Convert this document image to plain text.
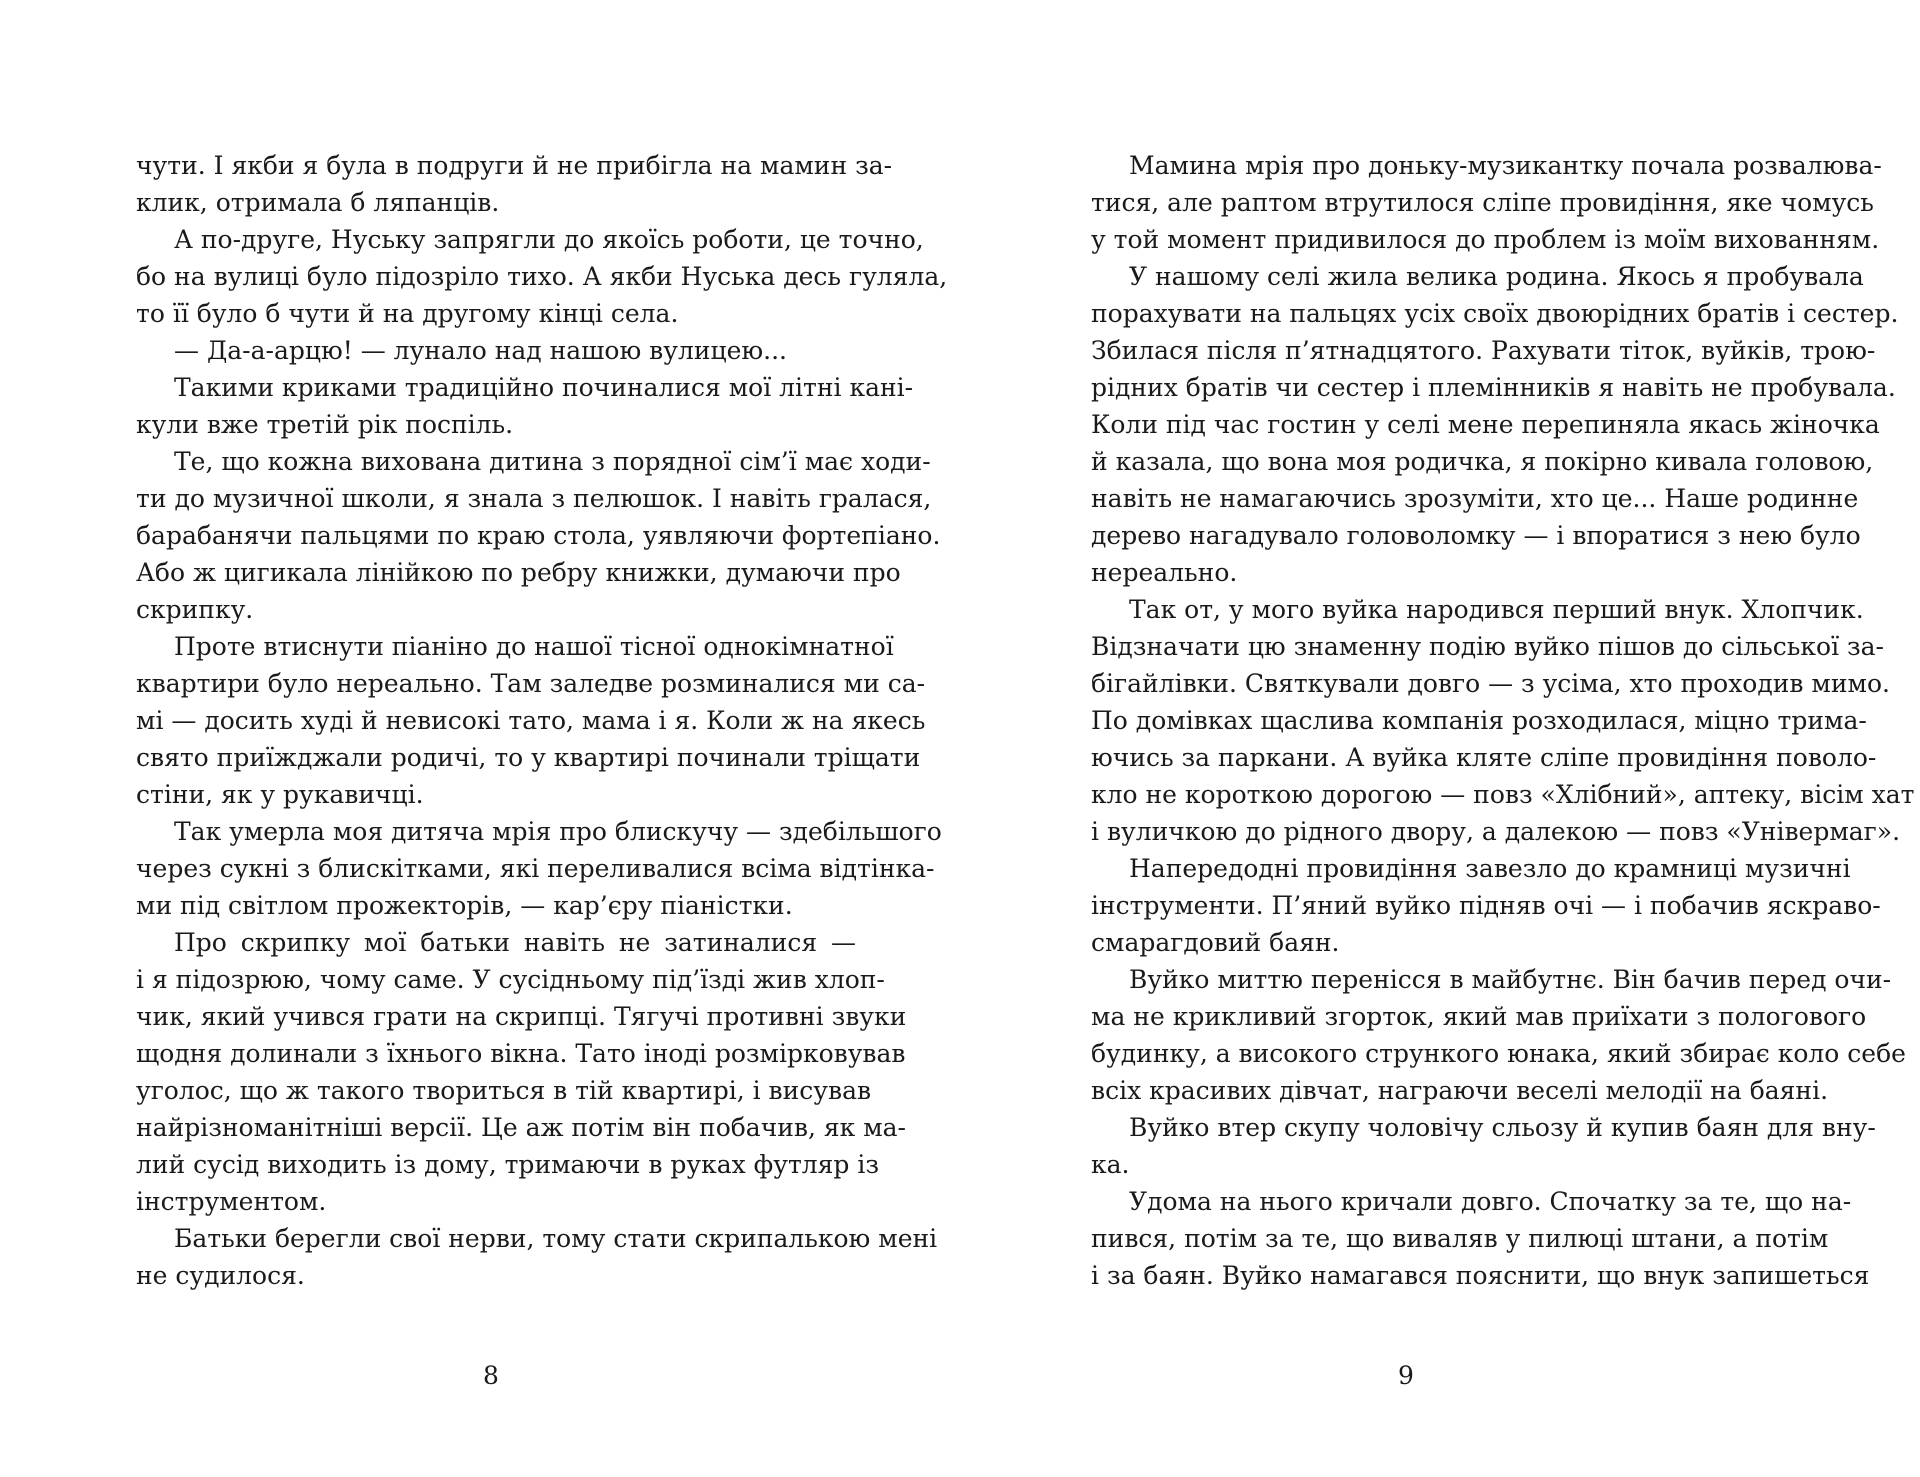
чути. І якби я була в подруги й не прибігла на мамин за-
клик, отримала б ляпанців.
А по-друге, Нуську запрягли до якоїсь роботи, це точно,
бо на вулиці було підозріло тихо. А якби Нуська десь гуляла,
то її було б чути й на другому кінці села.
— Да-а-арцю! — лунало над нашою вулицею...
Такими криками традиційно починалися мої літні кані-
кули вже третій рік поспіль.
Те, що кожна вихована дитина з порядної сім’ї має ходи-
ти до музичної школи, я знала з пелюшок. І навіть гралася,
барабанячи пальцями по краю стола, уявляючи фортепіано.
Або ж цигикала лінійкою по ребру книжки, думаючи про
скрипку.
Проте втиснути піаніно до нашої тісної однокімнатної
квартири було нереально. Там заледве розминалися ми са-
мі — досить худі й невисокі тато, мама і я. Коли ж на якесь
свято приїжджали родичі, то у квартирі починали тріщати
стіни, як у рукавичці.
Так умерла моя дитяча мрія про блискучу — здебільшого
через сукні з блискітками, які переливалися всіма відтінка-
ми під світлом прожекторів, — кар’єру піаністки.
Про скрипку мої батьки навіть не затиналися —
і я підозрюю, чому саме. У сусідньому під’їзді жив хлоп-
чик, який учився грати на скрипці. Тягучі противні звуки
щодня долинали з їхнього вікна. Тато іноді розмірковував
уголос, що ж такого твориться в тій квартирі, і висував
найрізноманітніші версії. Це аж потім він побачив, як ма-
лий сусід виходить із дому, тримаючи в руках футляр із
інструментом.
Батьки берегли свої нерви, тому стати скрипалькою мені
не судилося.
8
Мамина мрія про доньку-музикантку почала розвалюва-
тися, але раптом втрутилося сліпе провидіння, яке чомусь
у той момент придивилося до проблем із моїм вихованням.
У нашому селі жила велика родина. Якось я пробувала
порахувати на пальцях усіх своїх двоюрідних братів і сестер.
Збилася після п’ятнадцятого. Рахувати тіток, вуйків, трою-
рідних братів чи сестер і племінників я навіть не пробувала.
Коли під час гостин у селі мене перепиняла якась жіночка
й казала, що вона моя родичка, я покірно кивала головою,
навіть не намагаючись зрозуміти, хто це... Наше родинне
дерево нагадувало головоломку — і впоратися з нею було
нереально.
Так от, у мого вуйка народився перший внук. Хлопчик.
Відзначати цю знаменну подію вуйко пішов до сільської за-
бігайлівки. Святкували довго — з усіма, хто проходив мимо.
По домівках щаслива компанія розходилася, міцно трима-
ючись за паркани. А вуйка кляте сліпе провидіння поволо-
кло не короткою дорогою — повз «Хлібний», аптеку, вісім хат
і вуличкою до рідного двору, а далекою — повз «Універмаг».
Напередодні провидіння завезло до крамниці музичні
інструменти. П’яний вуйко підняв очі — і побачив яскраво-
смарагдовий баян.
Вуйко миттю перенісся в майбутнє. Він бачив перед очи-
ма не крикливий згорток, який мав приїхати з пологового
будинку, а високого стрункого юнака, який збирає коло себе
всіх красивих дівчат, награючи веселі мелодії на баяні.
Вуйко втер скупу чоловічу сльозу й купив баян для вну-
ка.
Удома на нього кричали довго. Спочатку за те, що на-
пився, потім за те, що виваляв у пилюці штани, а потім
і за баян. Вуйко намагався пояснити, що внук запишеться
9
